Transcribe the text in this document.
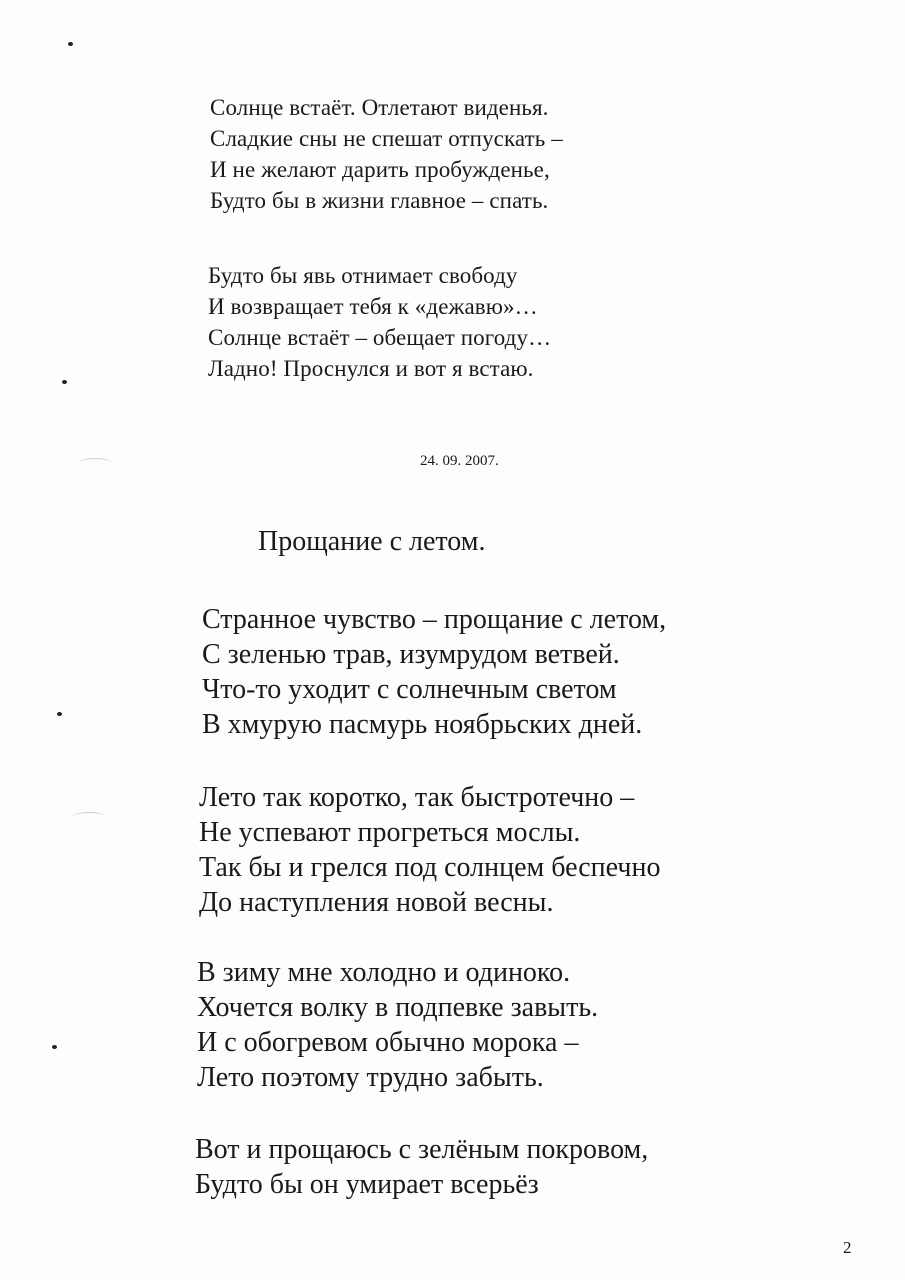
Солнце встаёт. Отлетают виденья.
Сладкие сны не спешат отпускать –
И не желают дарить пробужденье,
Будто бы в жизни главное – спать.
Будто бы явь отнимает свободу
И возвращает тебя к «дежавю»…
Солнце встаёт – обещает погоду…
Ладно! Проснулся и вот я встаю.
24. 09. 2007.
Прощание с летом.
Странное чувство – прощание с летом,
С зеленью трав, изумрудом ветвей.
Что-то уходит с солнечным светом
В хмурую пасмурь ноябрьских дней.
Лето так коротко, так быстротечно –
Не успевают прогреться мослы.
Так бы и грелся под солнцем беспечно
До наступления новой весны.
В зиму мне холодно и одиноко.
Хочется волку в подпевке завыть.
И с обогревом обычно морока –
Лето поэтому трудно забыть.
Вот и прощаюсь с зелёным покровом,
Будто бы он умирает всерьёз
2
